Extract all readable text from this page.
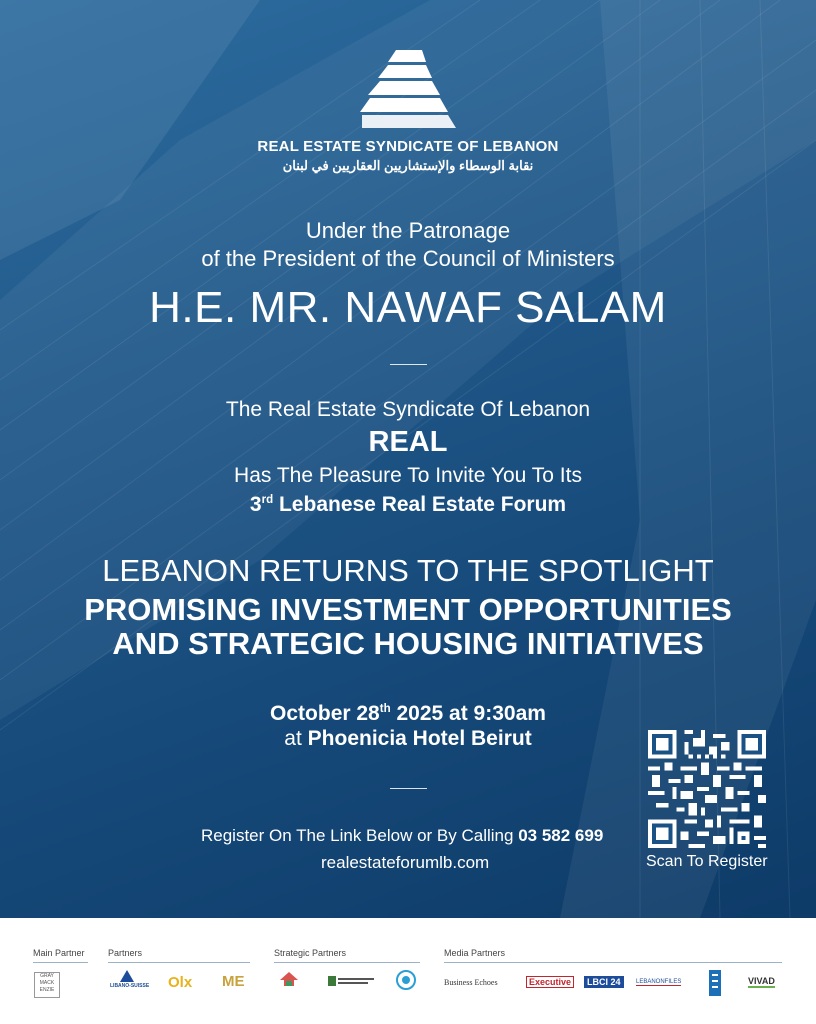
REAL ESTATE SYNDICATE OF LEBANON
نقابة الوسطاء والإستشاريين العقاريين في لبنان
Under the Patronage
of the President of the Council of Ministers
H.E. MR. NAWAF SALAM
The Real Estate Syndicate Of Lebanon
REAL
Has The Pleasure To Invite You To Its
3rd Lebanese Real Estate Forum
LEBANON RETURNS TO THE SPOTLIGHT
PROMISING INVESTMENT OPPORTUNITIES
AND STRATEGIC HOUSING INITIATIVES
October 28th 2025 at 9:30am
at Phoenicia Hotel Beirut
Register On The Link Below or By Calling 03 582 699
realestateforumlb.com	Scan To Register
Main Partner	Partners	Strategic Partners	Media Partners
GRAY
MACK
ENZIE
LIBANO-SUISSE Olx ME	Business Echoes	Executive	LBCI 24	LEBANONFILES	VIVAD
